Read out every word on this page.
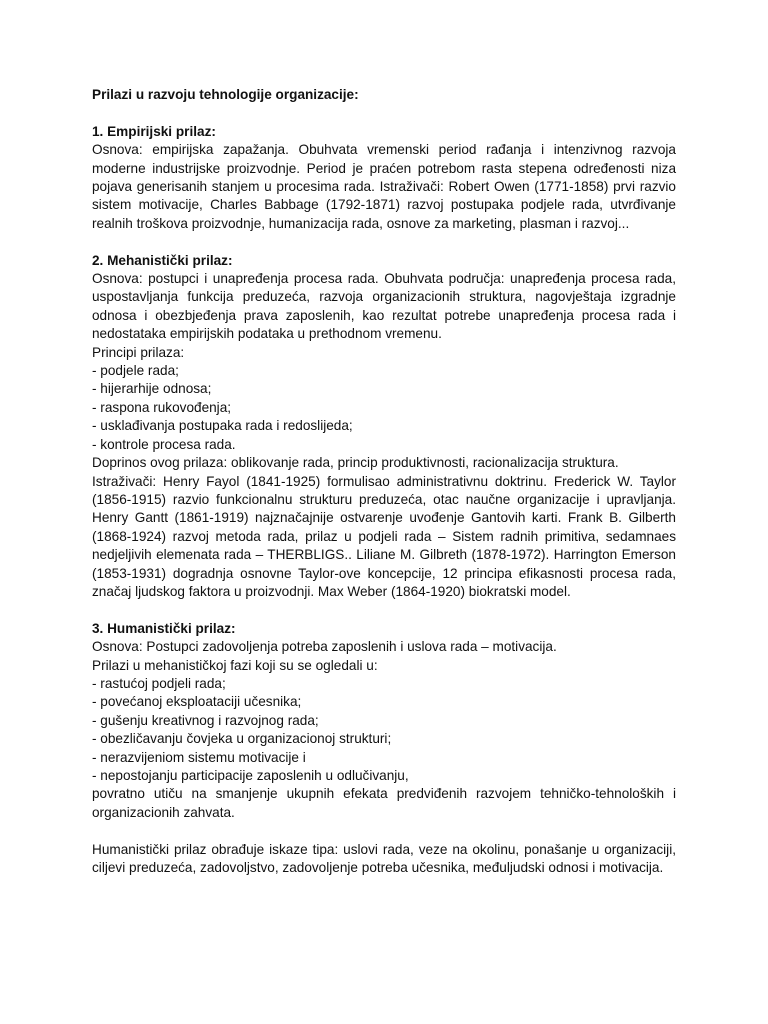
Prilazi u razvoju tehnologije organizacije:

1. Empirijski prilaz:

Osnova: empirijska zapažanja. Obuhvata vremenski period rađanja i intenzivnog razvoja moderne industrijske proizvodnje. Period je praćen potrebom rasta stepena određenosti niza pojava generisanih stanjem u procesima rada. Istraživači: Robert Owen (1771-1858) prvi razvio sistem motivacije, Charles Babbage (1792-1871) razvoj postupaka podjele rada, utvrđivanje realnih troškova proizvodnje, humanizacija rada, osnove za marketing, plasman i razvoj...

2. Mehanistički prilaz:

Osnova: postupci i unapređenja procesa rada. Obuhvata područja: unapređenja procesa rada, uspostavljanja funkcija preduzeća, razvoja organizacionih struktura, nagovještaja izgradnje odnosa i obezbjeđenja prava zaposlenih, kao rezultat potrebe unapređenja procesa rada i nedostataka empirijskih podataka u prethodnom vremenu.

Principi prilaza:

- podjele rada;
- hijerarhije odnosa;
- raspona rukovođenja;
- usklađivanja postupaka rada i redoslijeda;
- kontrole procesa rada.

Doprinos ovog prilaza: oblikovanje rada, princip produktivnosti, racionalizacija struktura.

Istraživači: Henry Fayol (1841-1925) formulisao administrativnu doktrinu. Frederick W. Taylor (1856-1915) razvio funkcionalnu strukturu preduzeća, otac naučne organizacije i upravljanja. Henry Gantt (1861-1919) najznačajnije ostvarenje uvođenje Gantovih karti. Frank B. Gilberth (1868-1924) razvoj metoda rada, prilaz u podjeli rada – Sistem radnih primitiva, sedamnaes nedjeljivih elemenata rada – THERBLIGS.. Liliane M. Gilbreth (1878-1972). Harrington Emerson (1853-1931) dogradnja osnovne Taylor-ove koncepcije, 12 principa efikasnosti procesa rada, značaj ljudskog faktora u proizvodnji. Max Weber (1864-1920) biokratski model.

3. Humanistički prilaz:

Osnova: Postupci zadovoljenja potreba zaposlenih i uslova rada – motivacija.

Prilazi u mehanističkoj fazi koji su se ogledali u:

- rastućoj podjeli rada;
- povećanoj eksploataciji učesnika;
- gušenju kreativnog i razvojnog rada;
- obezličavanju čovjeka u organizacionoj strukturi;
- nerazvijeniom sistemu motivacije i
- nepostojanju participacije zaposlenih u odlučivanju,

povratno utiču na smanjenje ukupnih efekata predviđenih razvojem tehničko-tehnoloških i organizacionih zahvata.

Humanistički prilaz obrađuje iskaze tipa: uslovi rada, veze na okolinu, ponašanje u organizaciji, ciljevi preduzeća, zadovoljstvo, zadovoljenje potreba učesnika, međuljudski odnosi i motivacija.
